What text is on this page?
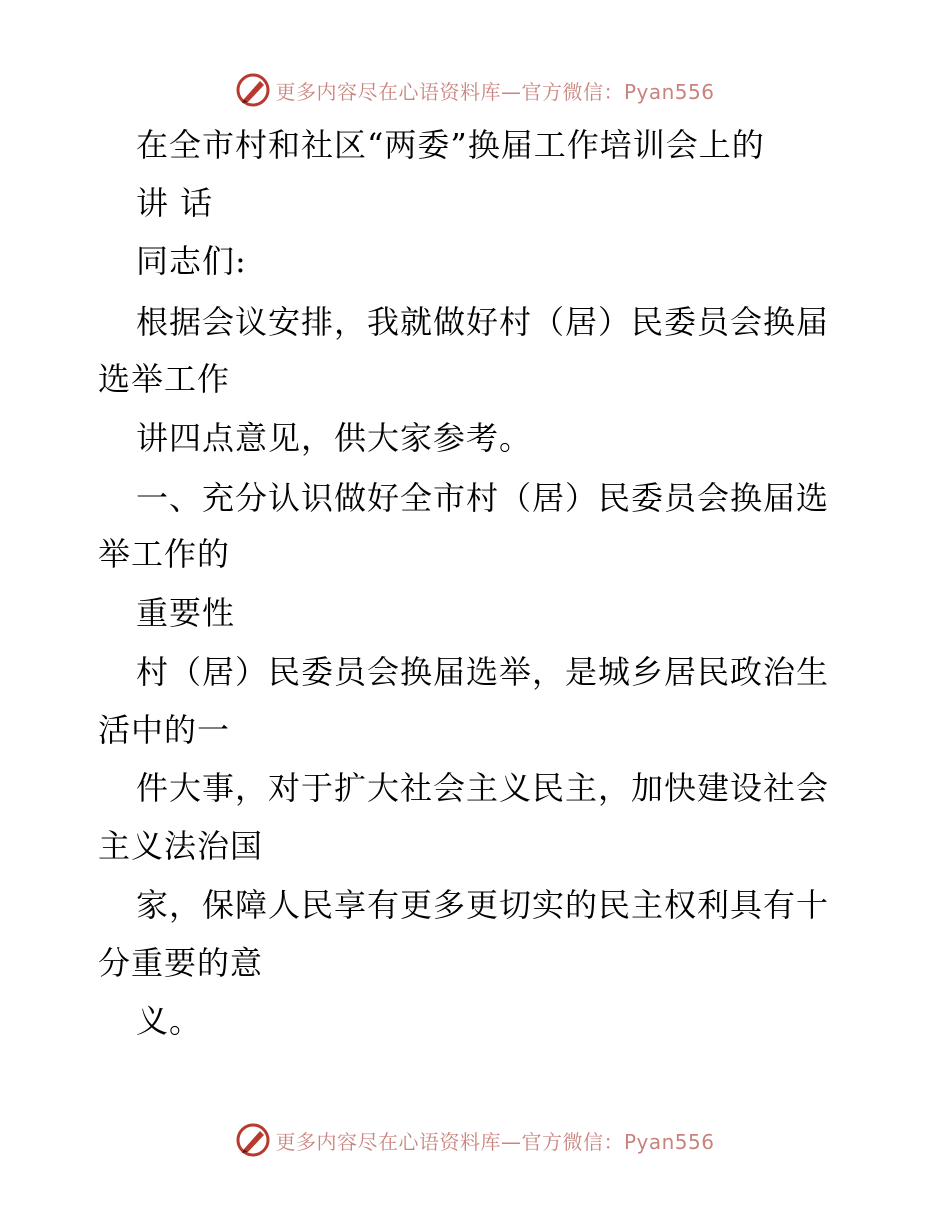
更多内容尽在心语资料库—官方微信：Pyan556
在全市村和社区“两委”换届工作培训会上的
讲 话
同志们:
根据会议安排，我就做好村（居）民委员会换届
选举工作
讲四点意见，供大家参考。
一、充分认识做好全市村（居）民委员会换届选
举工作的
重要性
村（居）民委员会换届选举，是城乡居民政治生
活中的一
件大事，对于扩大社会主义民主，加快建设社会
主义法治国
家，保障人民享有更多更切实的民主权利具有十
分重要的意
义。
更多内容尽在心语资料库—官方微信：Pyan556
